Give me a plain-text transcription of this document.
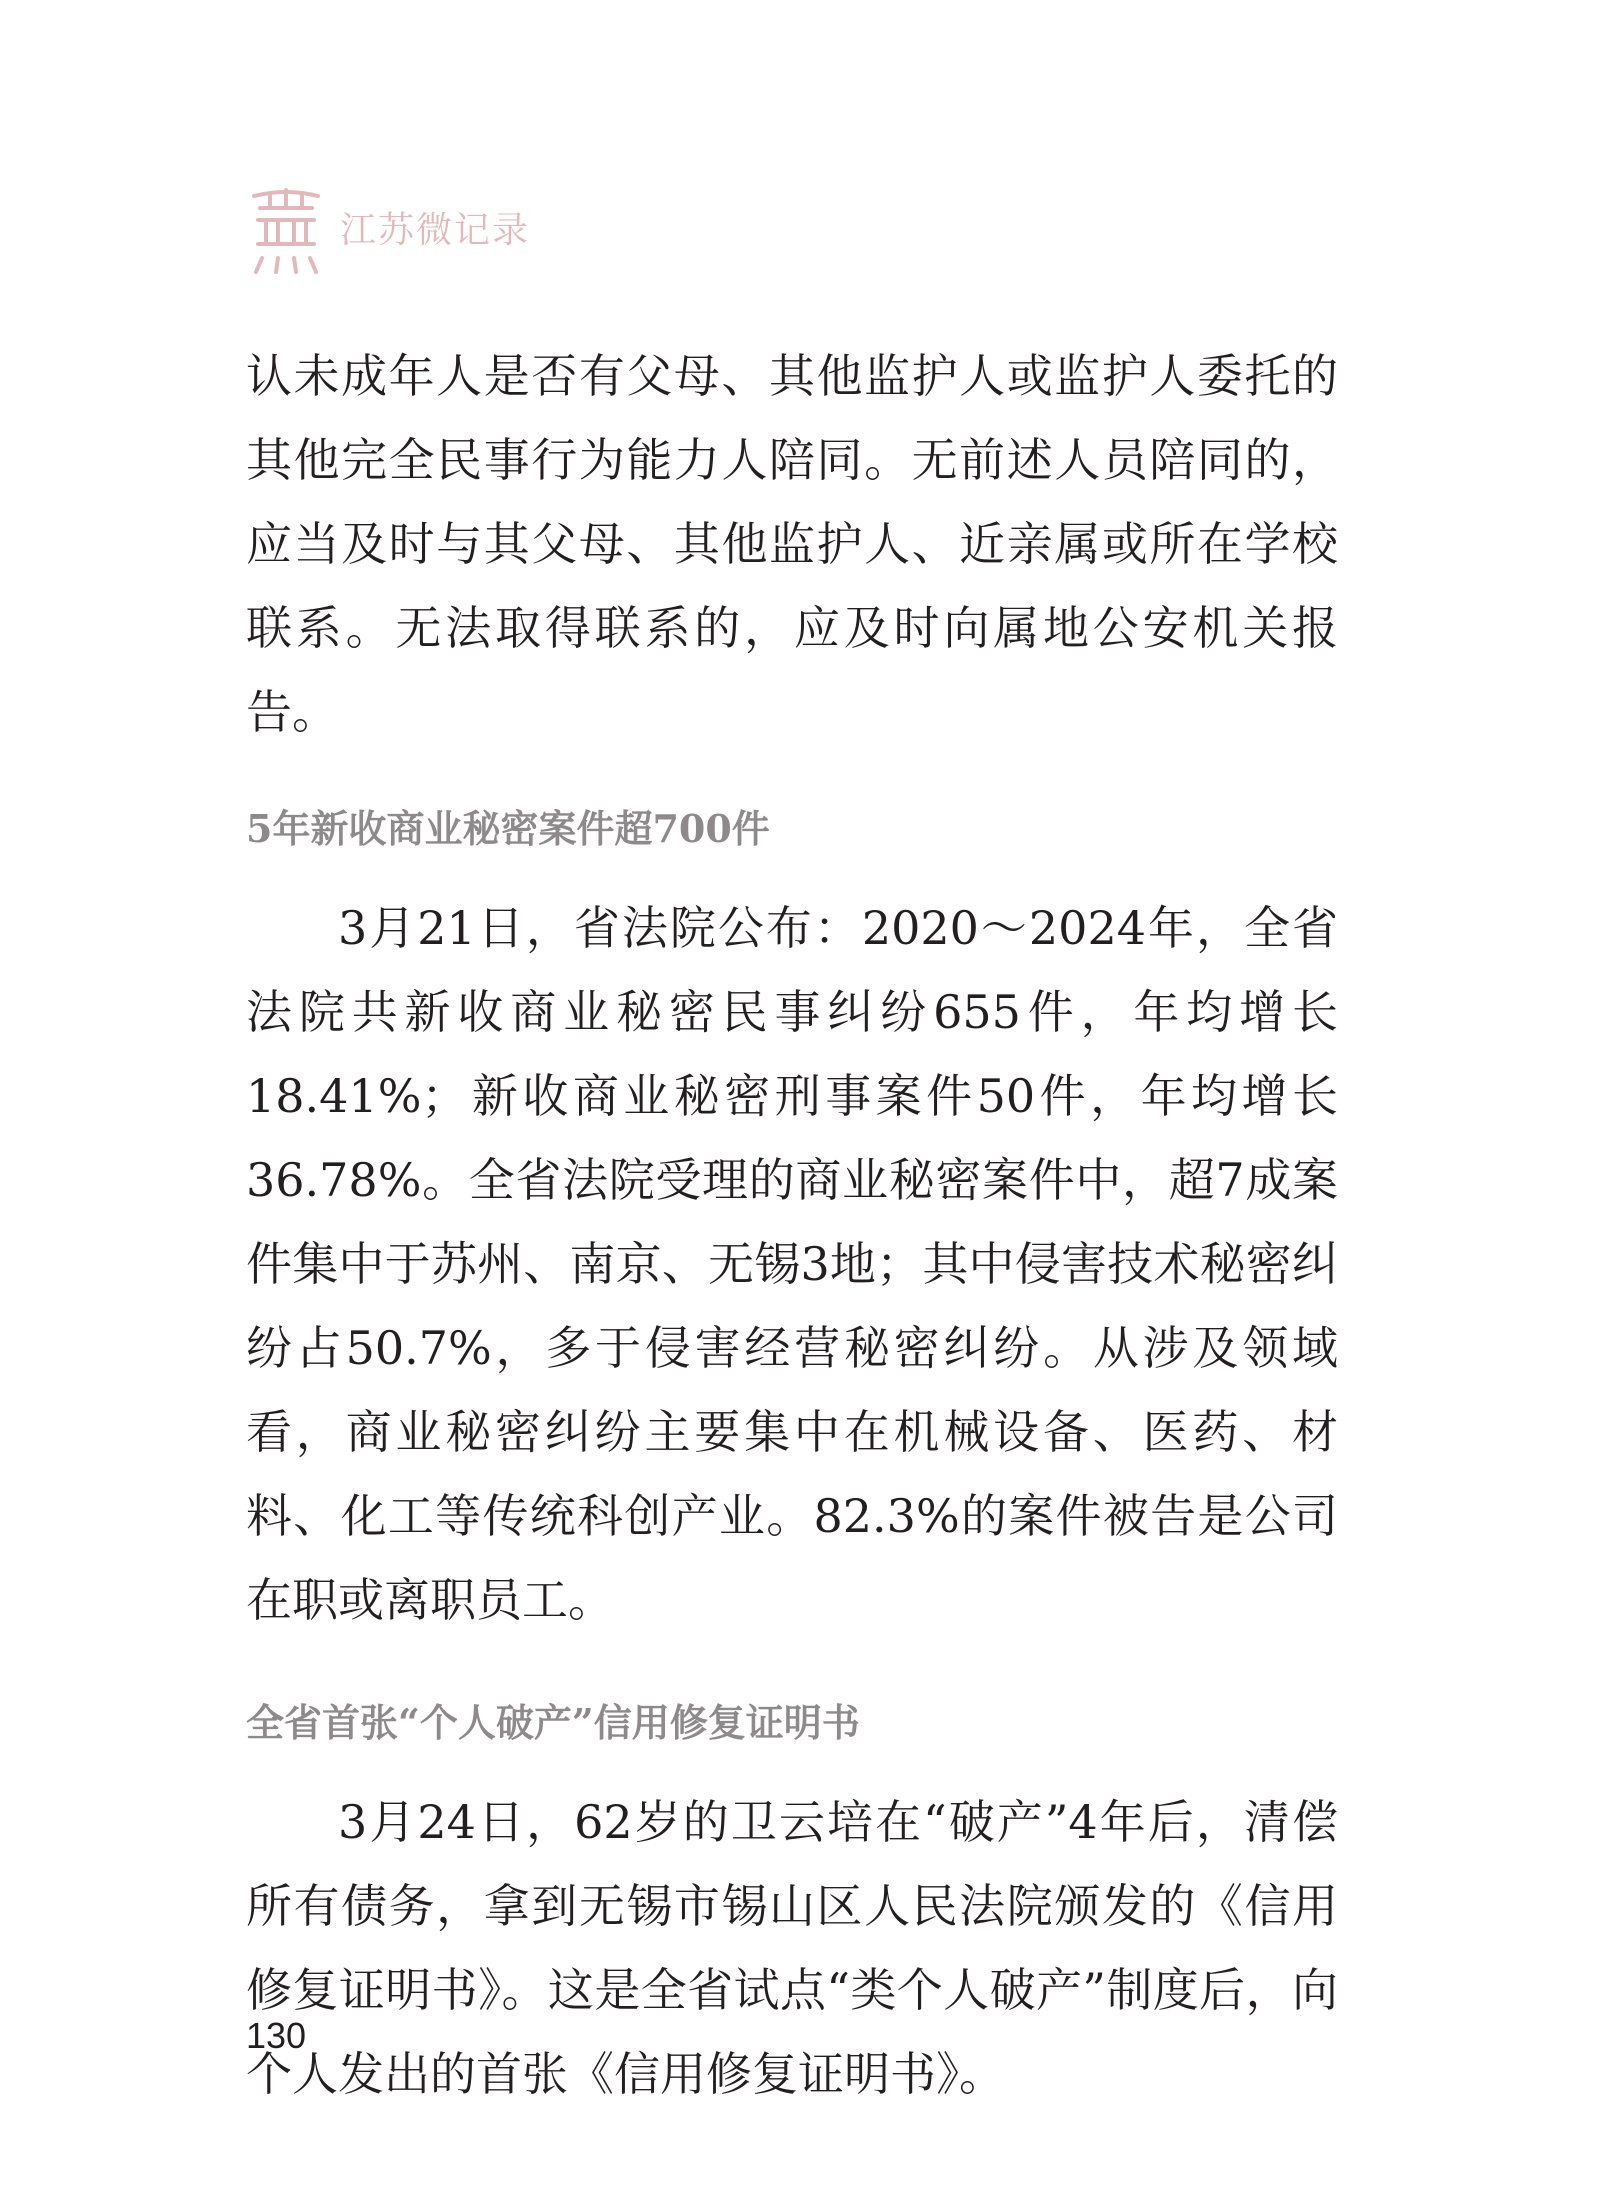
江苏微记录

认未成年人是否有父母、其他监护人或监护人委托的其他完全民事行为能力人陪同。无前述人员陪同的，应当及时与其父母、其他监护人、近亲属或所在学校联系。无法取得联系的，应及时向属地公安机关报告。

5年新收商业秘密案件超700件

3月21日，省法院公布：2020～2024年，全省法院共新收商业秘密民事纠纷655件，年均增长18.41%；新收商业秘密刑事案件50件，年均增长36.78%。全省法院受理的商业秘密案件中，超7成案件集中于苏州、南京、无锡3地；其中侵害技术秘密纠纷占50.7%，多于侵害经营秘密纠纷。从涉及领域看，商业秘密纠纷主要集中在机械设备、医药、材料、化工等传统科创产业。82.3%的案件被告是公司在职或离职员工。

全省首张“个人破产”信用修复证明书

3月24日，62岁的卫云培在“破产”4年后，清偿所有债务，拿到无锡市锡山区人民法院颁发的《信用修复证明书》。这是全省试点“类个人破产”制度后，向个人发出的首张《信用修复证明书》。

130
